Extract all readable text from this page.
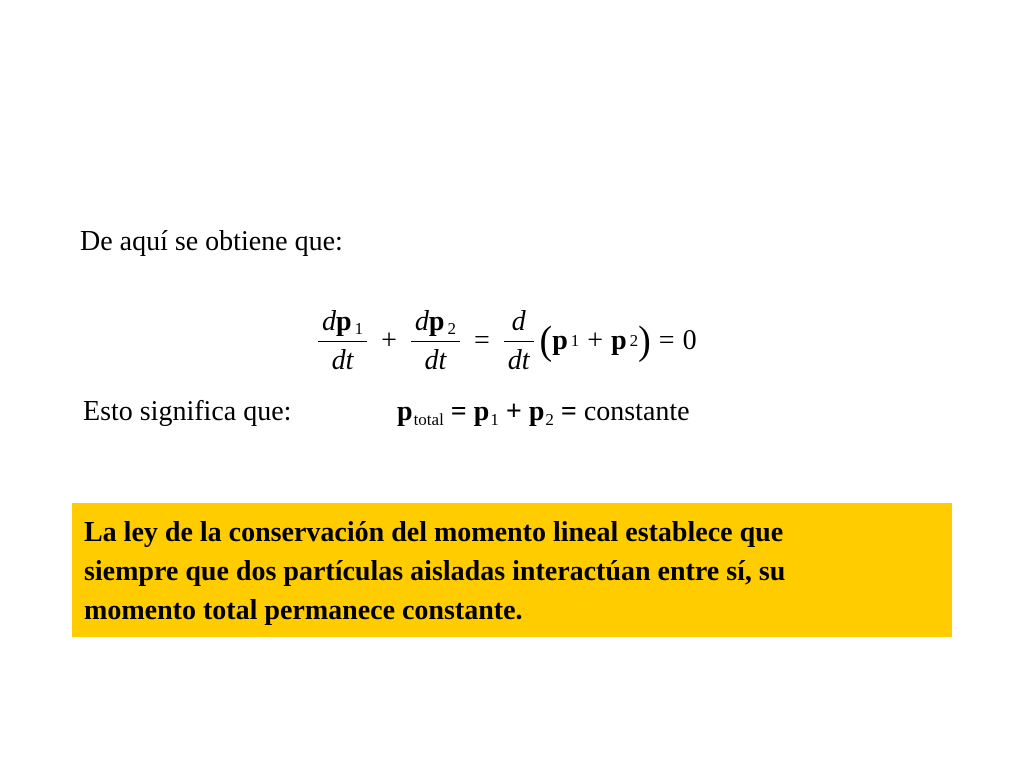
De aquí se obtiene que:
$\frac{dp _1}{dt} + \frac{dp _2}{dt} = \frac{d}{dt}$ ( p 1 + p 2 ) = 0
Esto significa que:	$p_{total} = p_1 + p_2$ = constante
La ley de la conservación del momento lineal establece que
siempre que dos partículas aisladas interactúan entre sí, su
momento total permanece constante.
